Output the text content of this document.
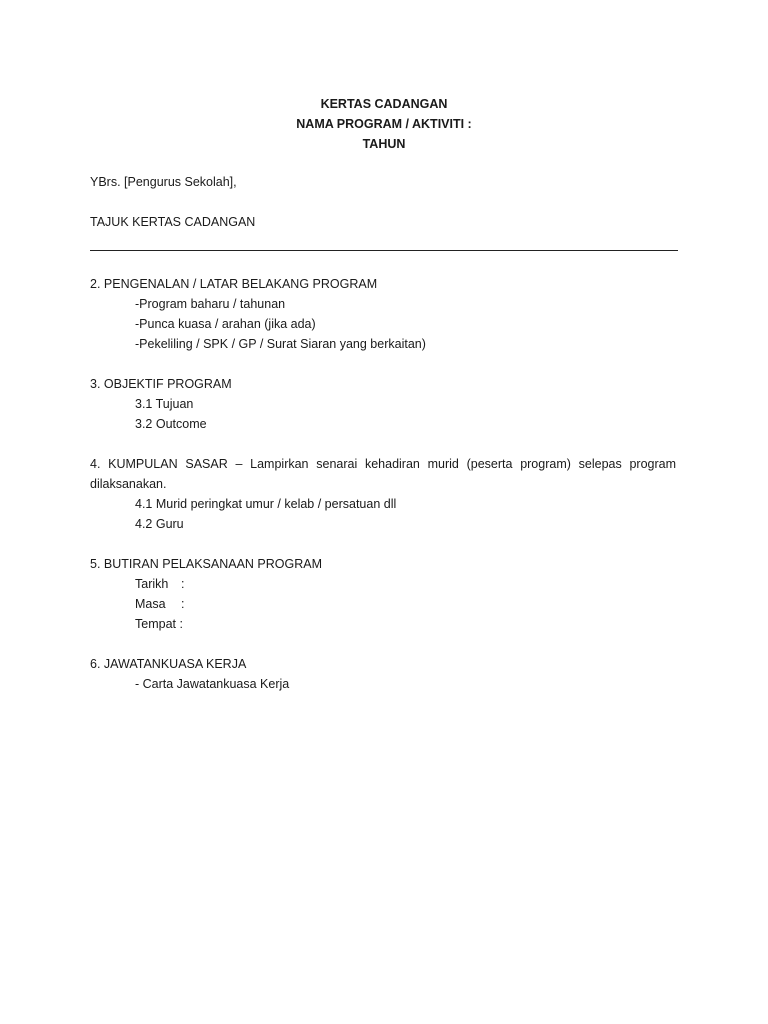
KERTAS CADANGAN
NAMA PROGRAM / AKTIVITI :
TAHUN
YBrs. [Pengurus Sekolah],
TAJUK KERTAS CADANGAN
2. PENGENALAN / LATAR BELAKANG PROGRAM
-Program baharu / tahunan
-Punca kuasa / arahan (jika ada)
-Pekeliling / SPK / GP / Surat Siaran yang berkaitan)
3. OBJEKTIF PROGRAM
3.1 Tujuan
3.2 Outcome
4. KUMPULAN SASAR – Lampirkan senarai kehadiran murid (peserta program) selepas program dilaksanakan.
4.1 Murid peringkat umur / kelab / persatuan dll
4.2 Guru
5. BUTIRAN PELAKSANAAN PROGRAM
Tarikh :
Masa :
Tempat :
6. JAWATANKUASA KERJA
- Carta Jawatankuasa Kerja
